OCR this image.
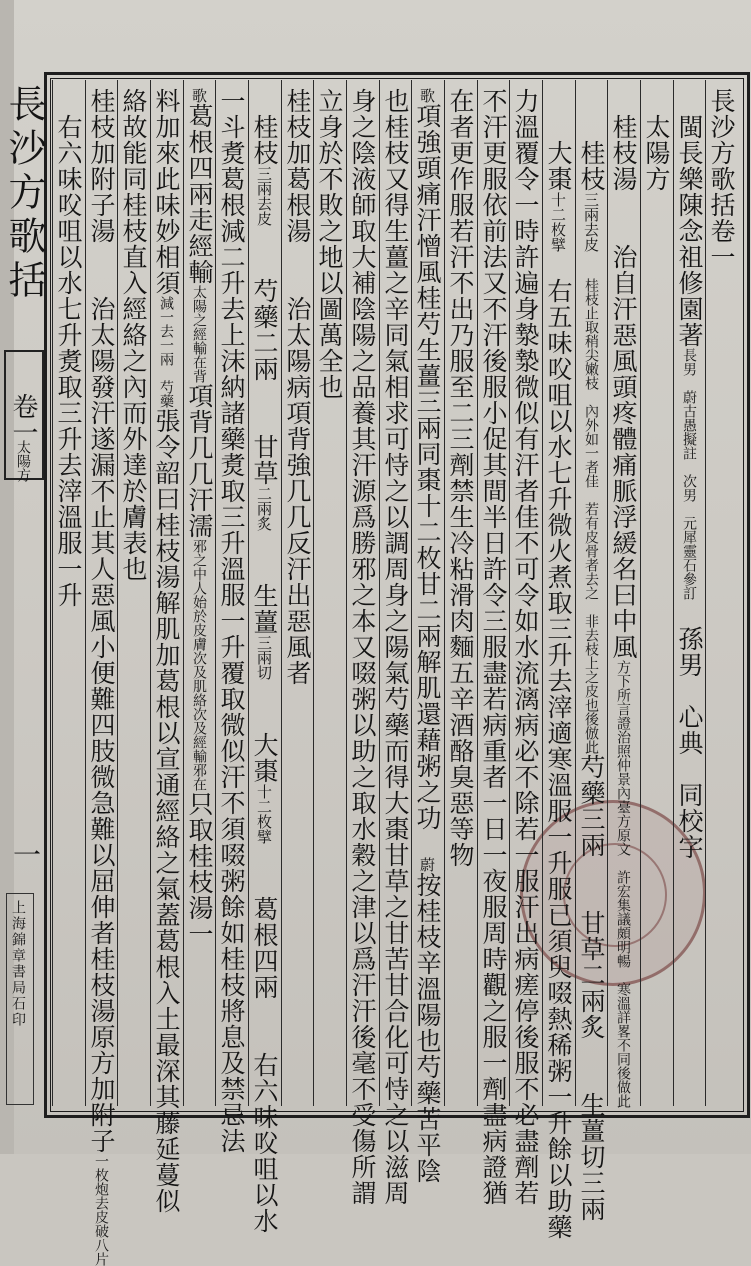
長沙方歌括
卷一
太陽方
一
上海錦章書局石印
長沙方歌括卷一
　閩長樂陳念祖修園著長男　蔚古愚擬註　次男　元犀靈石參訂　孫男　心典　同校字
　太陽方
　桂枝湯　　治自汗惡風頭疼體痛脈浮緩名曰中風方下所言證治照仲景內臺方原文　許宏集議頗明暢　寒溫詳畧不同後做此
　　桂枝三兩去皮　桂枝止取稍尖嫩枝　內外如一者佳　若有皮骨者去之　非去枝上之皮也後倣此芍藥三兩　　甘草二兩炙　　生薑切三兩
　　大棗十二枚擘　右五味㕮咀以水七升微火煮取三升去滓適寒溫服一升服已須臾啜熱稀粥一升餘以助藥
力溫覆令一時許遍身漐漐微似有汗者佳不可令如水流漓病必不除若一服汗出病瘥停後服不必盡劑若
不汗更服依前法又不汗後服小促其間半日許令三服盡若病重者一日一夜服周時觀之服一劑盡病證猶
在者更作服若汗不出乃服至二三劑禁生冷粘滑肉麵五辛酒酪臭惡等物
歌項強頭痛汗憎風桂芍生薑三兩同棗十二枚甘二兩解肌還藉粥之功　蔚按桂枝辛溫陽也芍藥苦平陰
也桂枝又得生薑之辛同氣相求可恃之以調周身之陽氣芍藥而得大棗甘草之甘苦甘合化可恃之以滋周
身之陰液師取大補陰陽之品養其汗源爲勝邪之本又啜粥以助之取水穀之津以爲汗汗後毫不受傷所謂
立身於不敗之地以圖萬全也
桂枝加葛根湯　　治太陽病項背強几几反汗出惡風者
　桂枝三兩去皮　　芍藥二兩　　甘草二兩炙　　生薑三兩切　　大棗十二枚擘　　葛根四兩　　右六味㕮咀以水
一斗煑葛根減二升去上沫納諸藥煑取三升溫服一升覆取微似汗不須啜粥餘如桂枝將息及禁忌法
歌葛根四兩走經輸太陽之經輸在背項背几几汗濡邪之中人始於皮膚次及肌絡次及經輸邪在只取桂枝湯一
料加來此味妙相須減一去一兩　芍藥張令韶曰桂枝湯解肌加葛根以宣通經絡之氣蓋葛根入土最深其藤延蔓似
絡故能同桂枝直入經絡之內而外達於膚表也
桂枝加附子湯　　治太陽發汗遂漏不止其人惡風小便難四肢微急難以屈伸者桂枝湯原方加附子一枚炮去皮破八片
　右六味㕮咀以水七升煑取三升去滓溫服一升
